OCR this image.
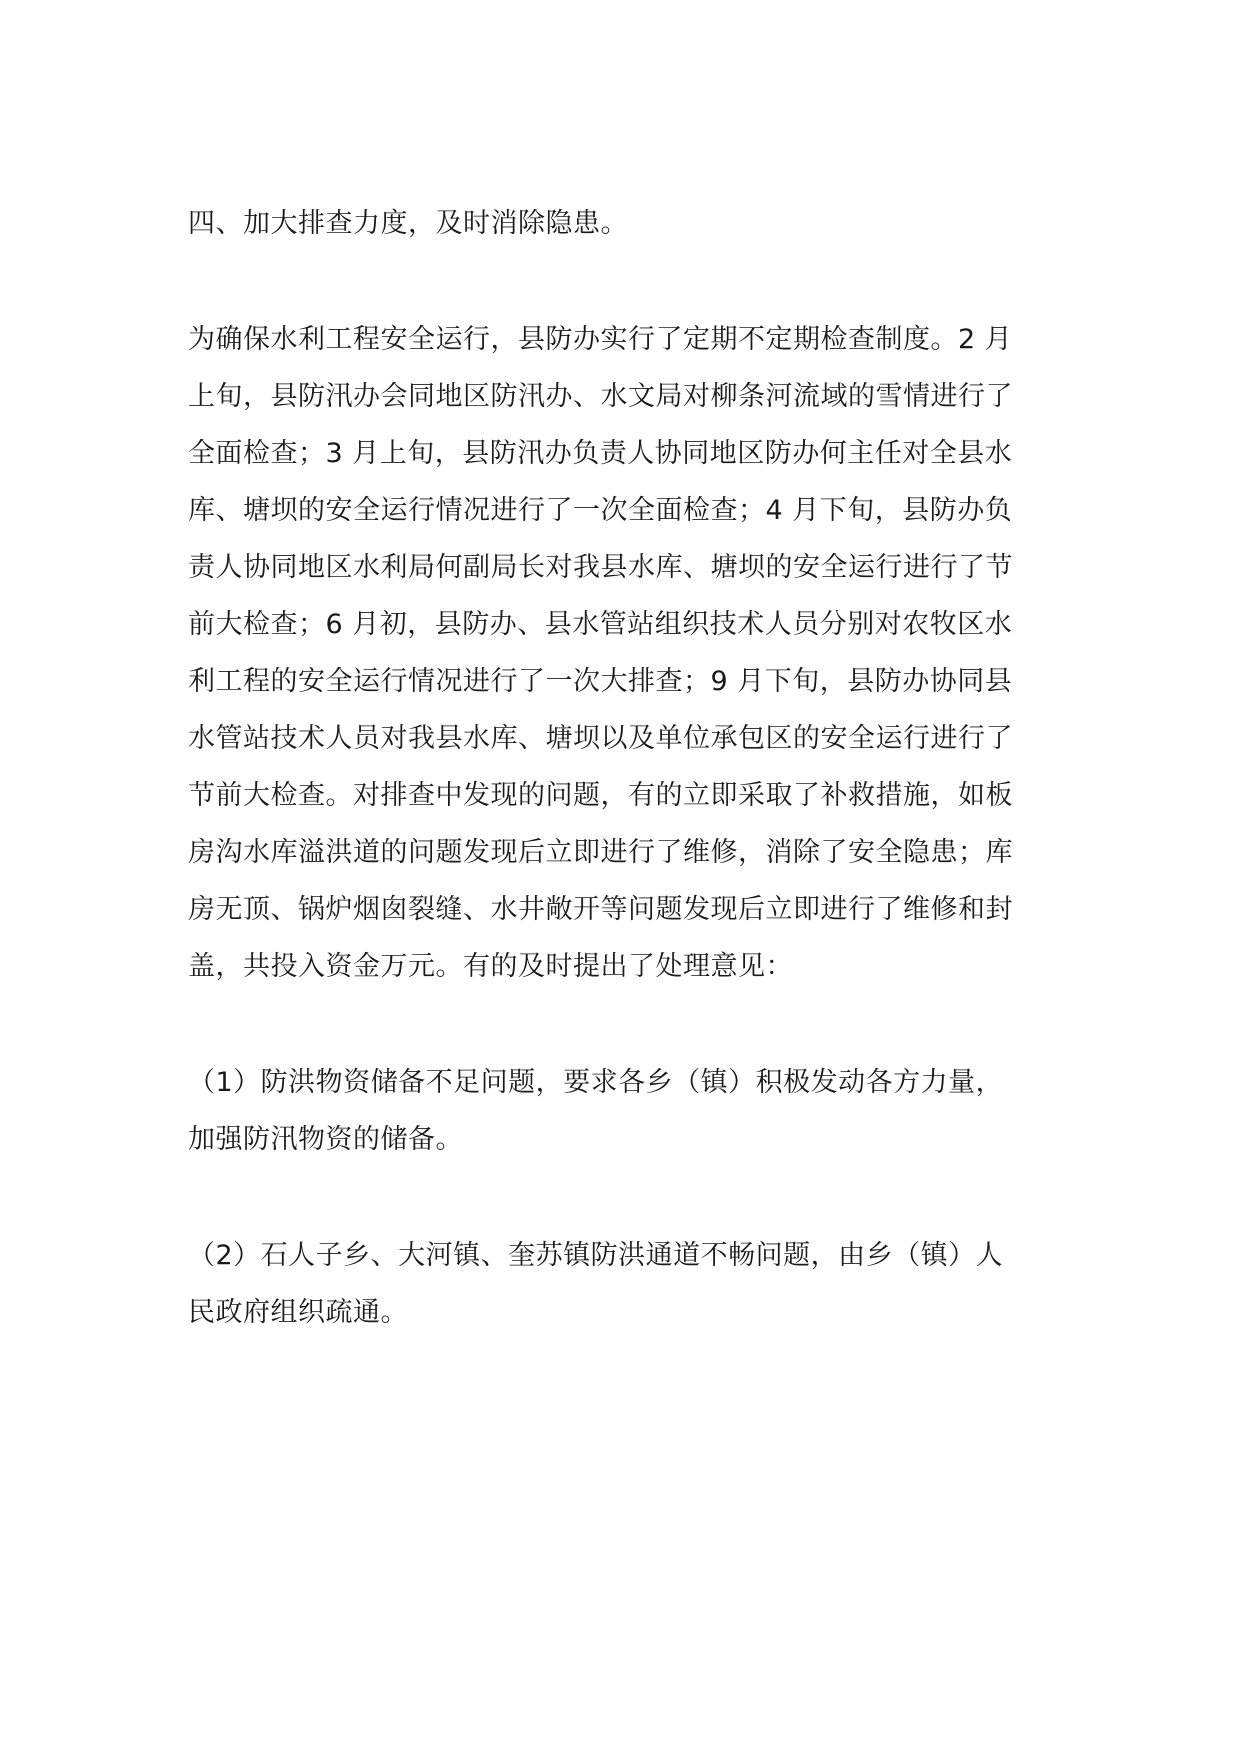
四、加大排查力度，及时消除隐患。
为确保水利工程安全运行，县防办实行了定期不定期检查制度。2 月
上旬，县防汛办会同地区防汛办、水文局对柳条河流域的雪情进行了
全面检查；3 月上旬，县防汛办负责人协同地区防办何主任对全县水
库、塘坝的安全运行情况进行了一次全面检查；4 月下旬，县防办负
责人协同地区水利局何副局长对我县水库、塘坝的安全运行进行了节
前大检查；6 月初，县防办、县水管站组织技术人员分别对农牧区水
利工程的安全运行情况进行了一次大排查；9 月下旬，县防办协同县
水管站技术人员对我县水库、塘坝以及单位承包区的安全运行进行了
节前大检查。对排查中发现的问题，有的立即采取了补救措施，如板
房沟水库溢洪道的问题发现后立即进行了维修，消除了安全隐患；库
房无顶、锅炉烟囱裂缝、水井敞开等问题发现后立即进行了维修和封
盖，共投入资金万元。有的及时提出了处理意见：
（1）防洪物资储备不足问题，要求各乡（镇）积极发动各方力量，
加强防汛物资的储备。
（2）石人子乡、大河镇、奎苏镇防洪通道不畅问题，由乡（镇）人
民政府组织疏通。
